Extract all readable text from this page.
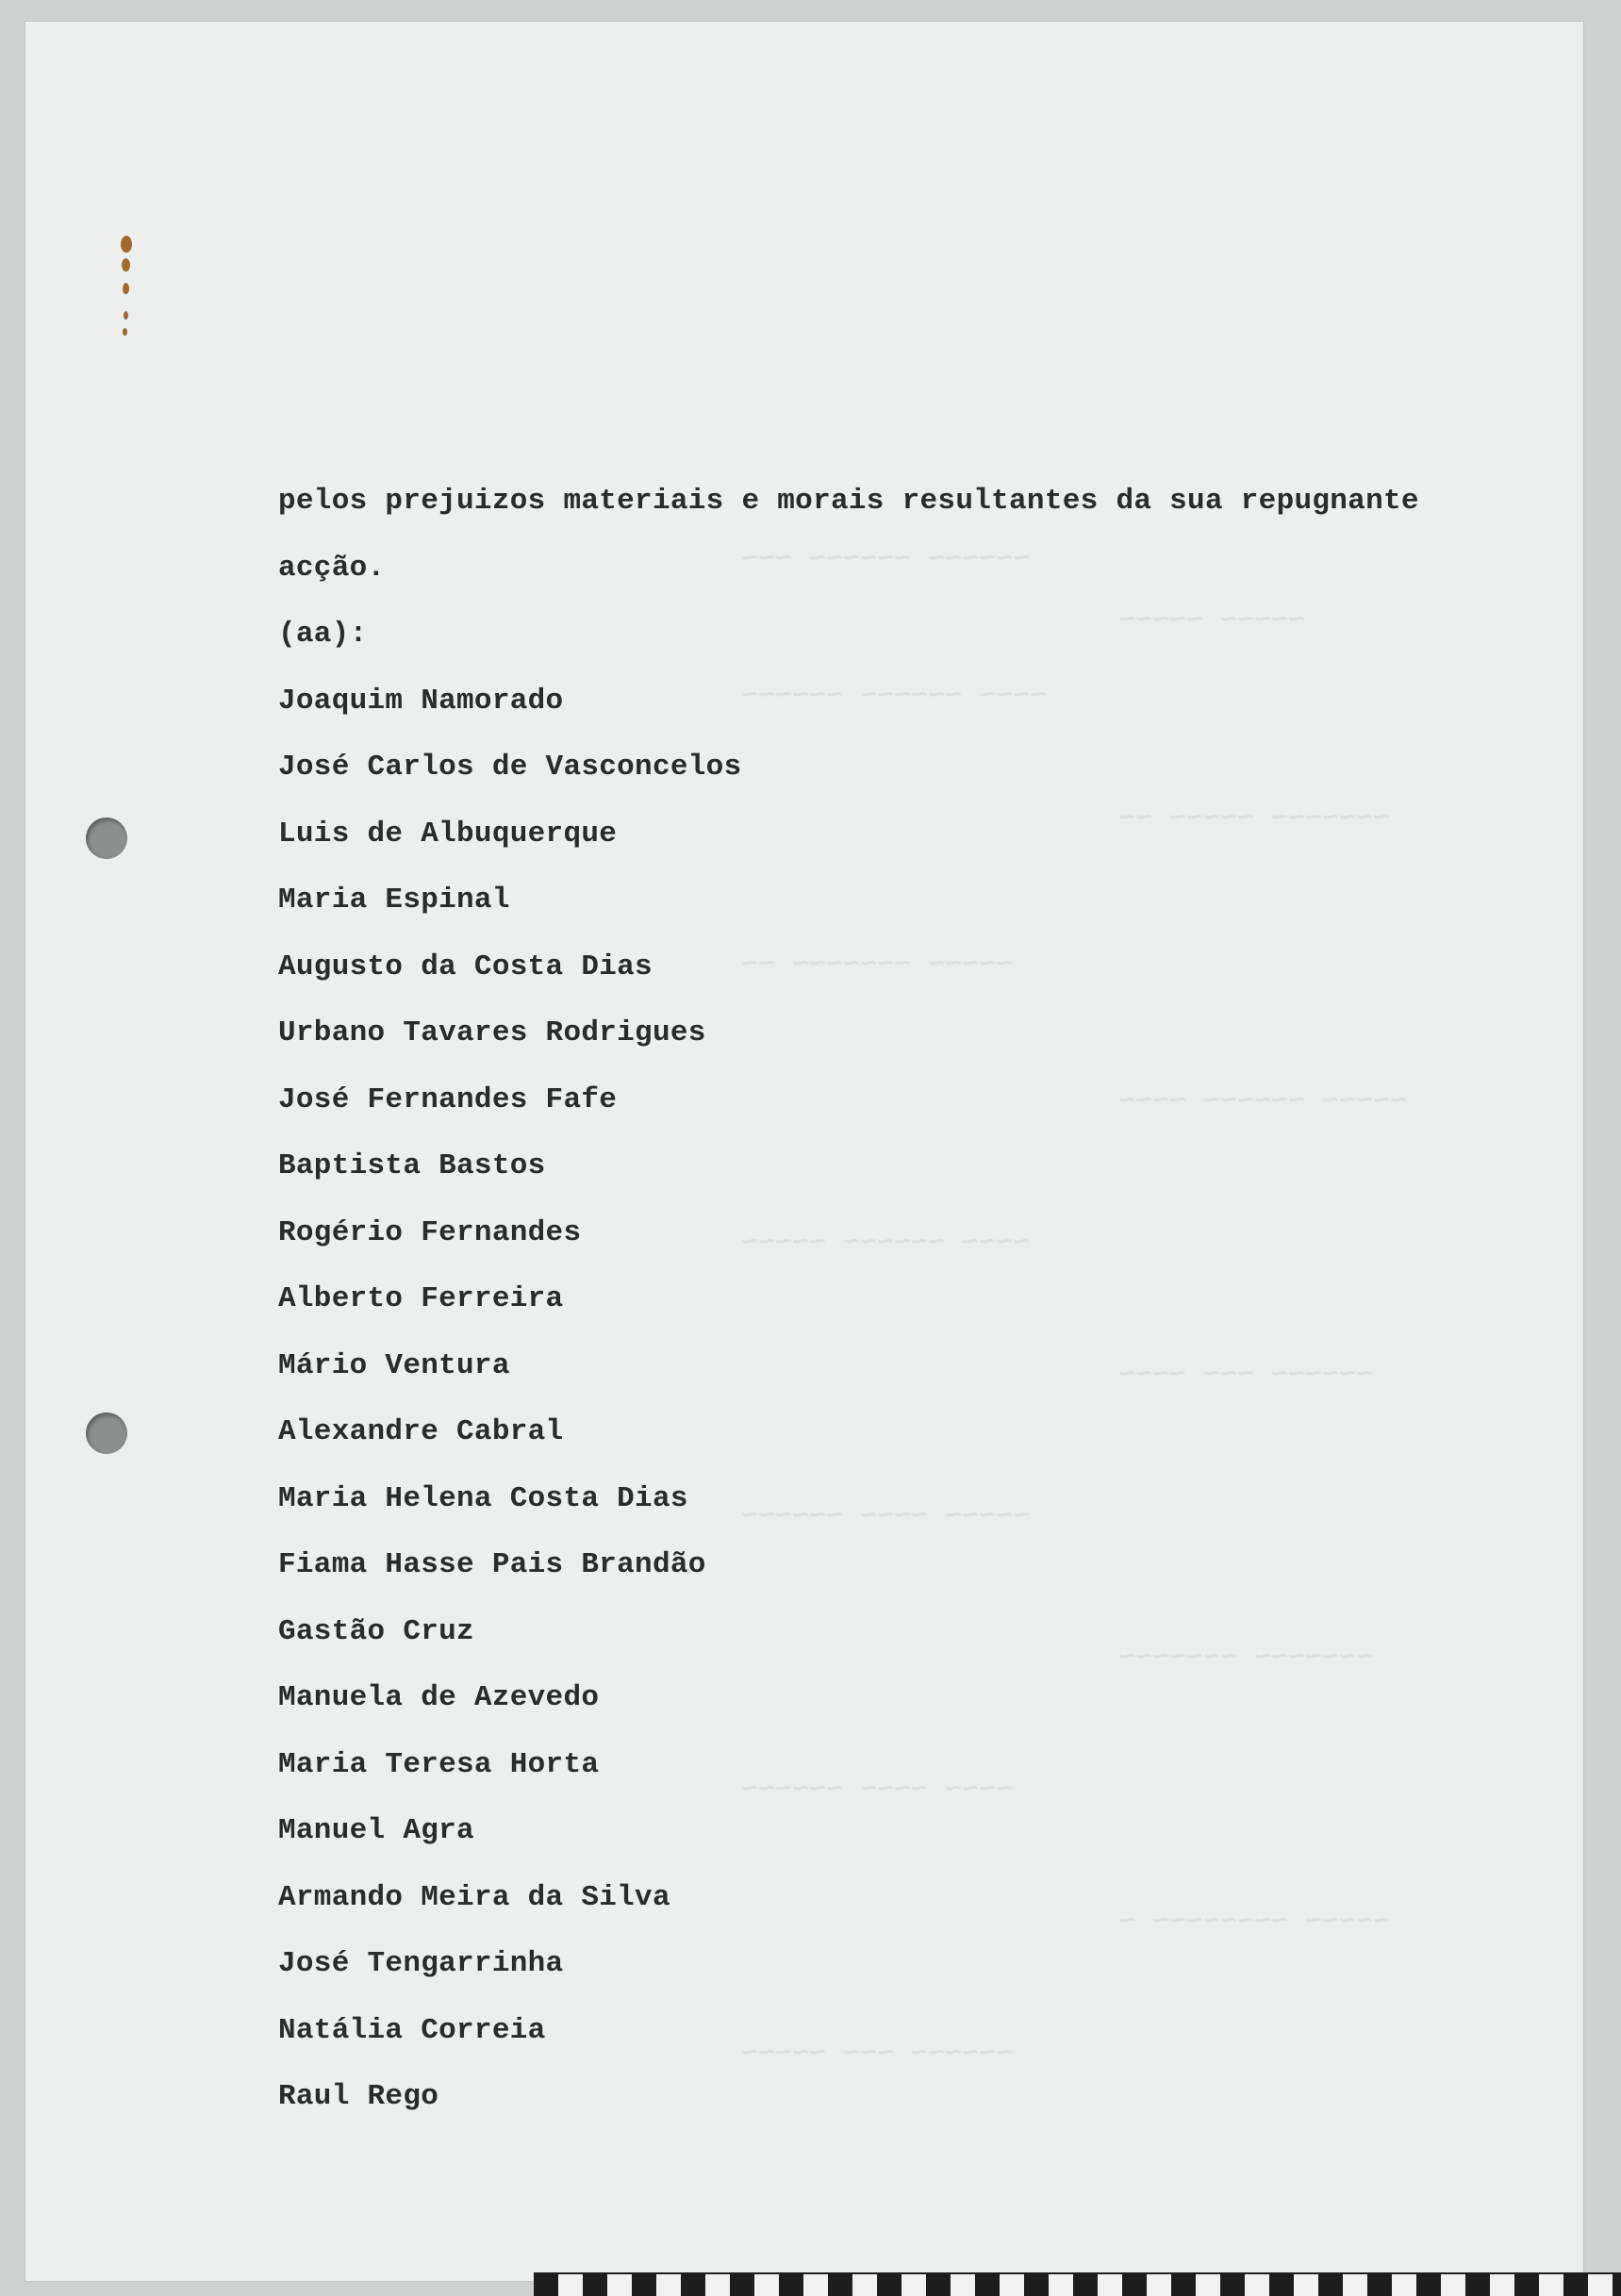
~~~~~~ ~~~~~~ ~~~
~~~~~ ~~~~~
~~~~ ~~~~~~ ~~~~~~
~~~~~~~ ~~~~~ ~~
~~~~~ ~~~~~~~ ~~
~~~~~ ~~~~~~ ~~~~
~~~~ ~~~~~~ ~~~~~
~~~~~~ ~~~ ~~~~
~~~~~ ~~~~ ~~~~~~
~~~~~~~ ~~~~~~~
~~~~ ~~~~ ~~~~~~
~~~~~ ~~~~~~~~ ~
~~~~~~ ~~~ ~~~~~
pelos prejuizos materiais e morais resultantes da sua repugnante
acção.
(aa):
Joaquim Namorado
José Carlos de Vasconcelos
Luis de Albuquerque
Maria Espinal
Augusto da Costa Dias
Urbano Tavares Rodrigues
José Fernandes Fafe
Baptista Bastos
Rogério Fernandes
Alberto Ferreira
Mário Ventura
Alexandre Cabral
Maria Helena Costa Dias
Fiama Hasse Pais Brandão
Gastão Cruz
Manuela de Azevedo
Maria Teresa Horta
Manuel Agra
Armando Meira da Silva
José Tengarrinha
Natália Correia
Raul Rego
